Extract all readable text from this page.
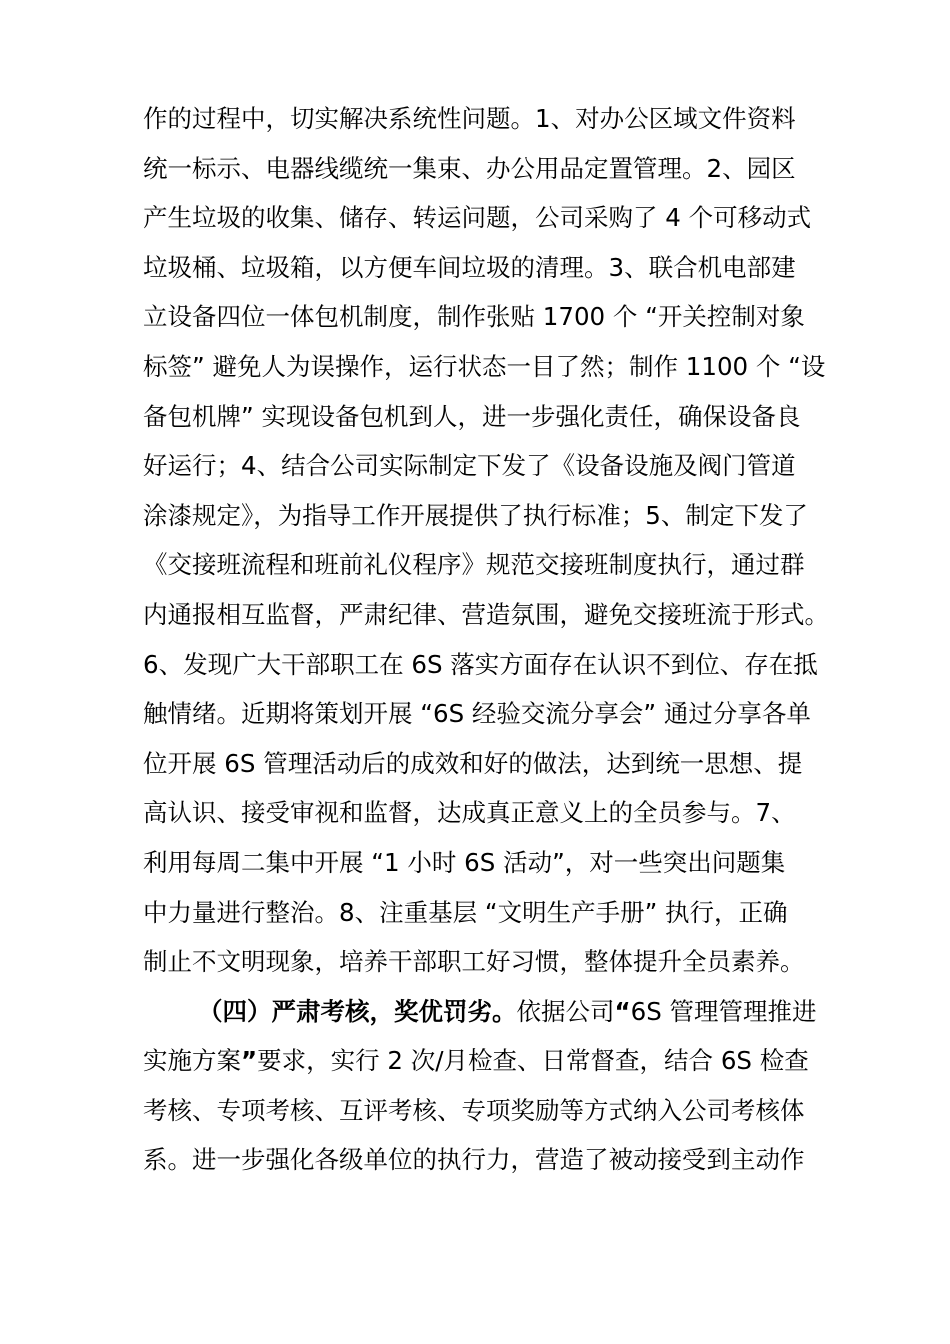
作的过程中，切实解决系统性问题。1、对办公区域文件资料
统一标示、电器线缆统一集束、办公用品定置管理。2、园区
产生垃圾的收集、储存、转运问题，公司采购了 4 个可移动式
垃圾桶、垃圾箱，以方便车间垃圾的清理。3、联合机电部建
立设备四位一体包机制度，制作张贴 1700 个 “开关控制对象
标签” 避免人为误操作，运行状态一目了然；制作 1100 个 “设
备包机牌” 实现设备包机到人，进一步强化责任，确保设备良
好运行；4、结合公司实际制定下发了《设备设施及阀门管道
涂漆规定》，为指导工作开展提供了执行标准；5、制定下发了
《交接班流程和班前礼仪程序》规范交接班制度执行，通过群
内通报相互监督，严肃纪律、营造氛围，避免交接班流于形式。
6、发现广大干部职工在 6S 落实方面存在认识不到位、存在抵
触情绪。近期将策划开展 “6S 经验交流分享会” 通过分享各单
位开展 6S 管理活动后的成效和好的做法，达到统一思想、提
高认识、接受审视和监督，达成真正意义上的全员参与。7、
利用每周二集中开展 “1 小时 6S 活动”，对一些突出问题集
中力量进行整治。8、注重基层 “文明生产手册” 执行，正确
制止不文明现象，培养干部职工好习惯，整体提升全员素养。
（四）严肃考核，奖优罚劣。依据公司“6S 管理管理推进
实施方案”要求，实行 2 次/月检查、日常督查，结合 6S 检查
考核、专项考核、互评考核、专项奖励等方式纳入公司考核体
系。进一步强化各级单位的执行力，营造了被动接受到主动作
